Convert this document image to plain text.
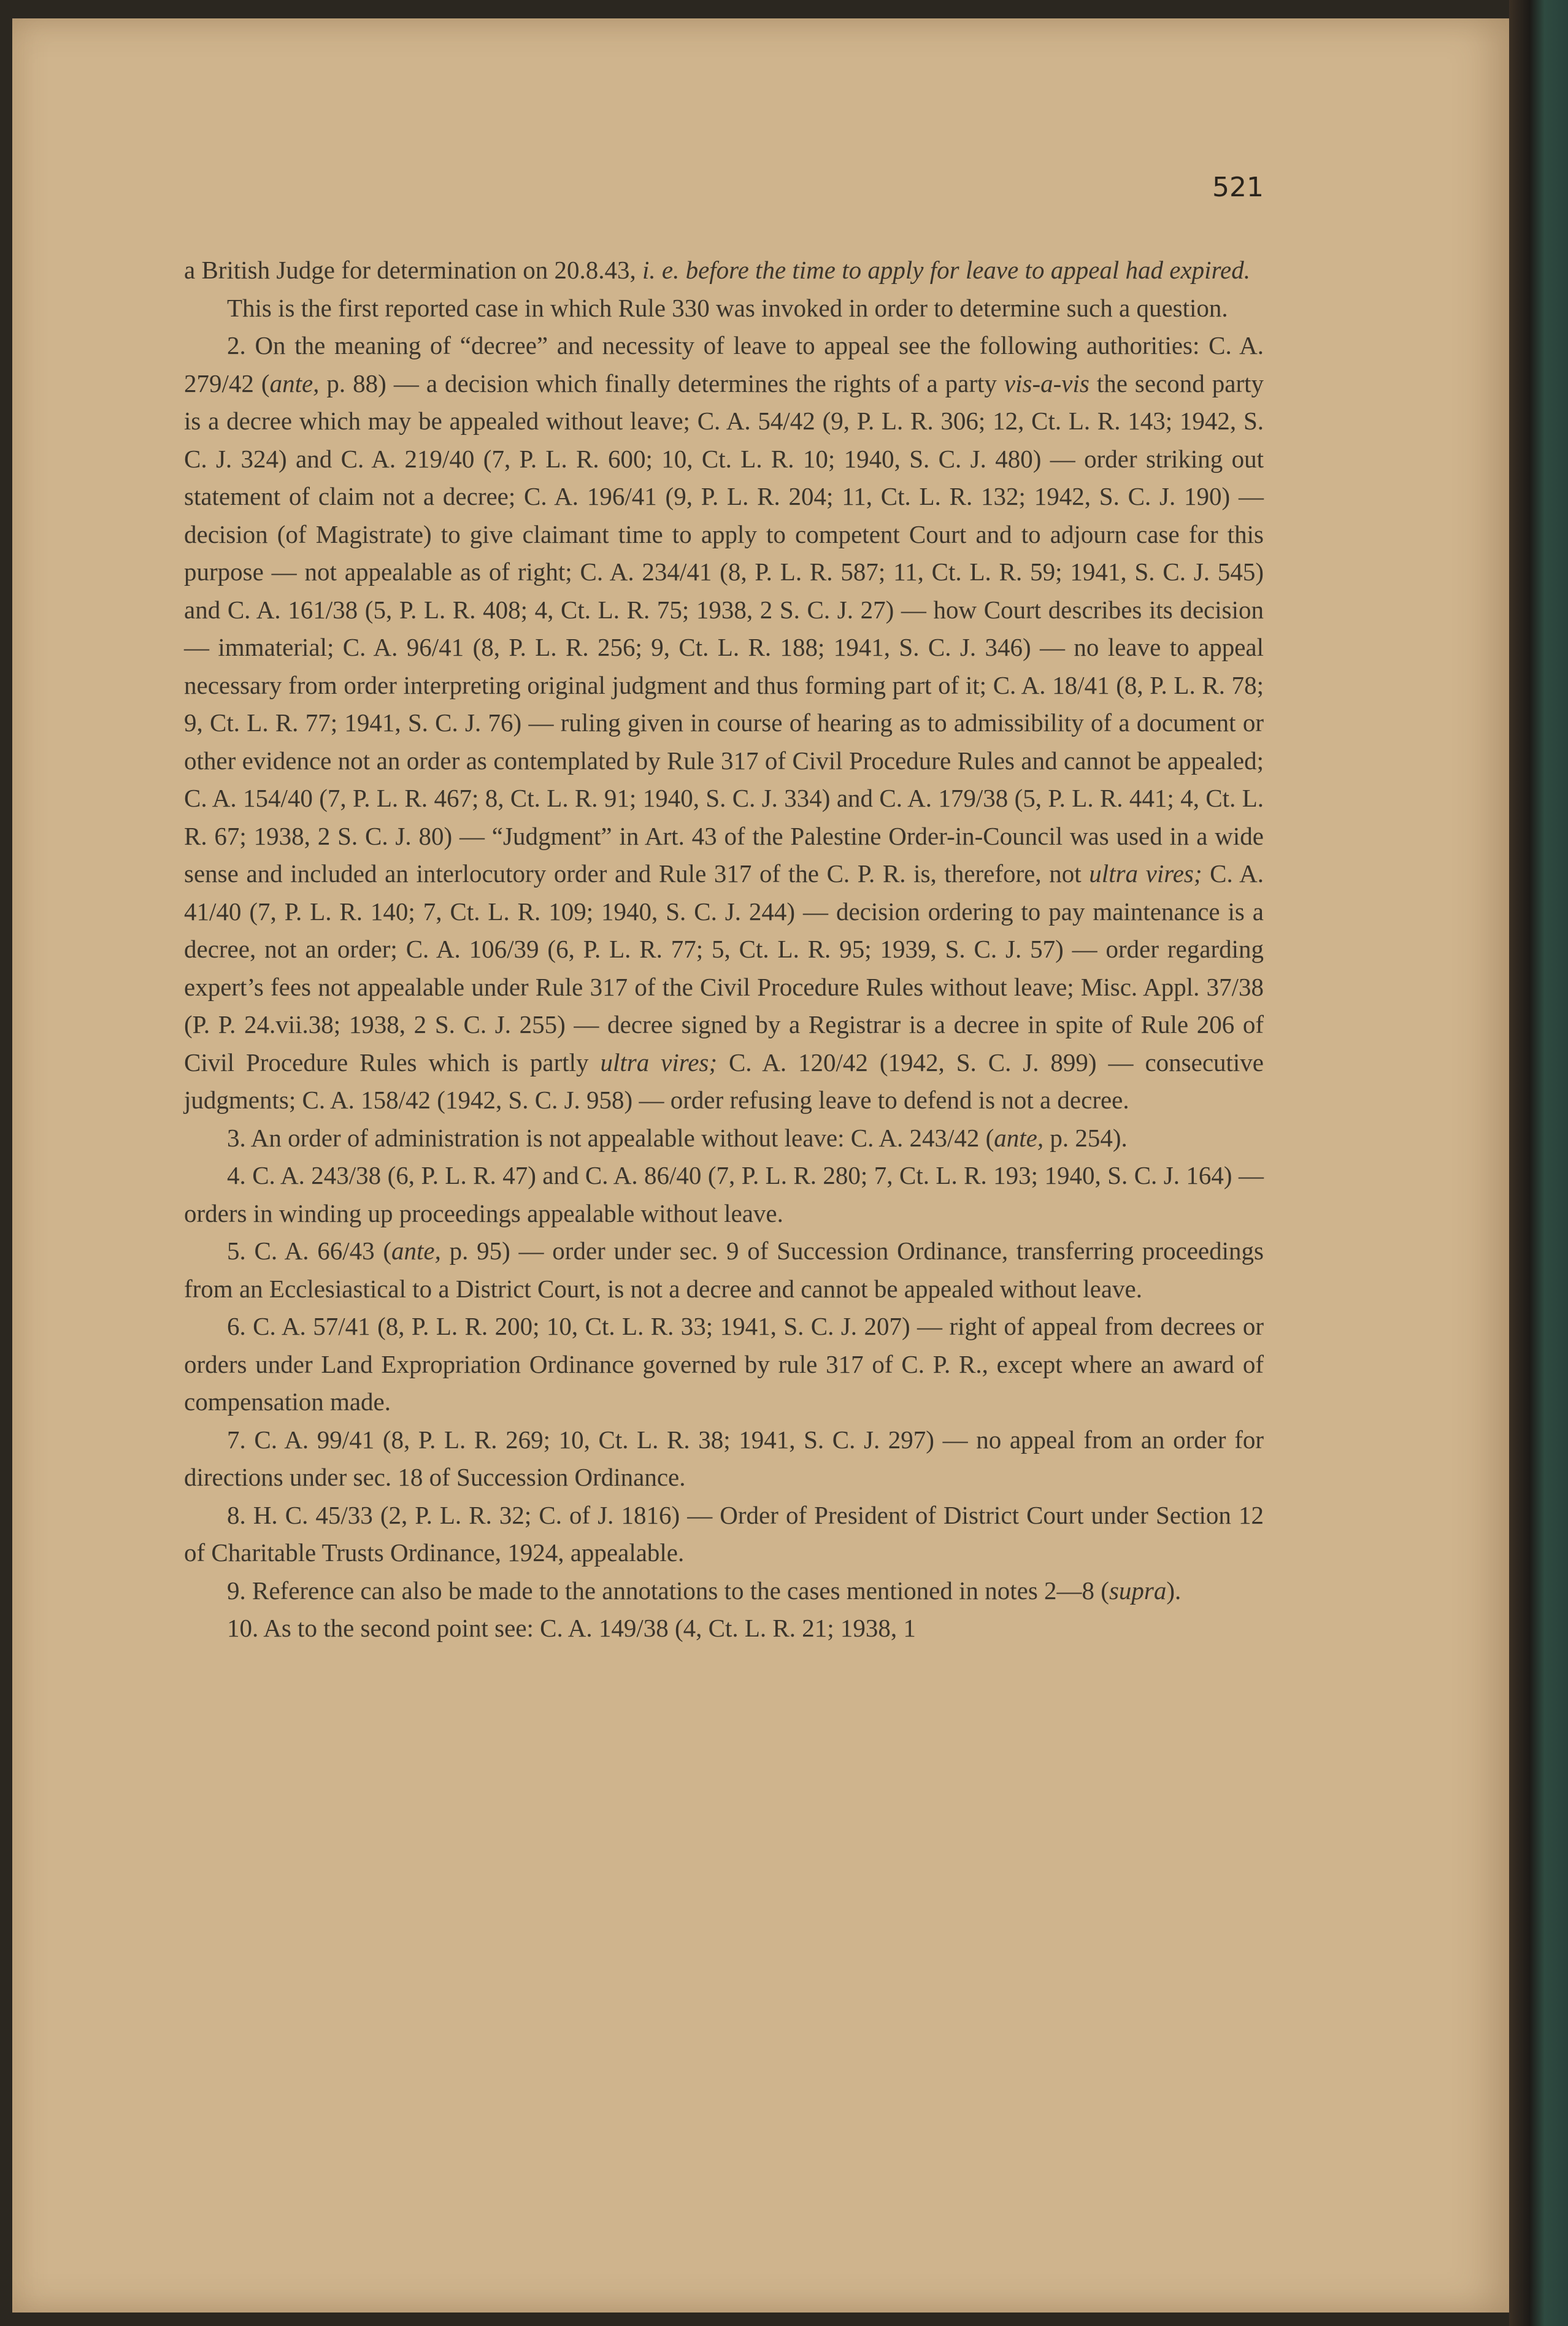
521

a British Judge for determination on 20.8.43, i. e. before the time to apply for leave to appeal had expired.

This is the first reported case in which Rule 330 was invoked in order to determine such a question.

2. On the meaning of “decree” and necessity of leave to appeal see the following authorities: C. A. 279/42 (ante, p. 88) — a decision which finally determines the rights of a party vis-a-vis the second party is a decree which may be appealed without leave; C. A. 54/42 (9, P. L. R. 306; 12, Ct. L. R. 143; 1942, S. C. J. 324) and C. A. 219/40 (7, P. L. R. 600; 10, Ct. L. R. 10; 1940, S. C. J. 480) — order striking out statement of claim not a decree; C. A. 196/41 (9, P. L. R. 204; 11, Ct. L. R. 132; 1942, S. C. J. 190) — decision (of Magistrate) to give claimant time to apply to competent Court and to adjourn case for this purpose — not appealable as of right; C. A. 234/41 (8, P. L. R. 587; 11, Ct. L. R. 59; 1941, S. C. J. 545) and C. A. 161/38 (5, P. L. R. 408; 4, Ct. L. R. 75; 1938, 2 S. C. J. 27) — how Court describes its decision — immaterial; C. A. 96/41 (8, P. L. R. 256; 9, Ct. L. R. 188; 1941, S. C. J. 346) — no leave to appeal necessary from order interpreting original judgment and thus forming part of it; C. A. 18/41 (8, P. L. R. 78; 9, Ct. L. R. 77; 1941, S. C. J. 76) — ruling given in course of hearing as to admissibility of a document or other evidence not an order as contemplated by Rule 317 of Civil Procedure Rules and cannot be appealed; C. A. 154/40 (7, P. L. R. 467; 8, Ct. L. R. 91; 1940, S. C. J. 334) and C. A. 179/38 (5, P. L. R. 441; 4, Ct. L. R. 67; 1938, 2 S. C. J. 80) — “Judgment” in Art. 43 of the Palestine Order-in-Council was used in a wide sense and included an interlocutory order and Rule 317 of the C. P. R. is, therefore, not ultra vires; C. A. 41/40 (7, P. L. R. 140; 7, Ct. L. R. 109; 1940, S. C. J. 244) — decision ordering to pay maintenance is a decree, not an order; C. A. 106/39 (6, P. L. R. 77; 5, Ct. L. R. 95; 1939, S. C. J. 57) — order regarding expert’s fees not appealable under Rule 317 of the Civil Procedure Rules without leave; Misc. Appl. 37/38 (P. P. 24.vii.38; 1938, 2 S. C. J. 255) — decree signed by a Registrar is a decree in spite of Rule 206 of Civil Procedure Rules which is partly ultra vires; C. A. 120/42 (1942, S. C. J. 899) — consecutive judgments; C. A. 158/42 (1942, S. C. J. 958) — order refusing leave to defend is not a decree.

3. An order of administration is not appealable without leave: C. A. 243/42 (ante, p. 254).

4. C. A. 243/38 (6, P. L. R. 47) and C. A. 86/40 (7, P. L. R. 280; 7, Ct. L. R. 193; 1940, S. C. J. 164) — orders in winding up proceedings appealable without leave.

5. C. A. 66/43 (ante, p. 95) — order under sec. 9 of Succession Ordinance, transferring proceedings from an Ecclesiastical to a District Court, is not a decree and cannot be appealed without leave.

6. C. A. 57/41 (8, P. L. R. 200; 10, Ct. L. R. 33; 1941, S. C. J. 207) — right of appeal from decrees or orders under Land Expropriation Ordinance governed by rule 317 of C. P. R., except where an award of compensation made.

7. C. A. 99/41 (8, P. L. R. 269; 10, Ct. L. R. 38; 1941, S. C. J. 297) — no appeal from an order for directions under sec. 18 of Succession Ordinance.

8. H. C. 45/33 (2, P. L. R. 32; C. of J. 1816) — Order of President of District Court under Section 12 of Charitable Trusts Ordinance, 1924, appealable.

9. Reference can also be made to the annotations to the cases mentioned in notes 2—8 (supra).

10. As to the second point see: C. A. 149/38 (4, Ct. L. R. 21; 1938, 1
